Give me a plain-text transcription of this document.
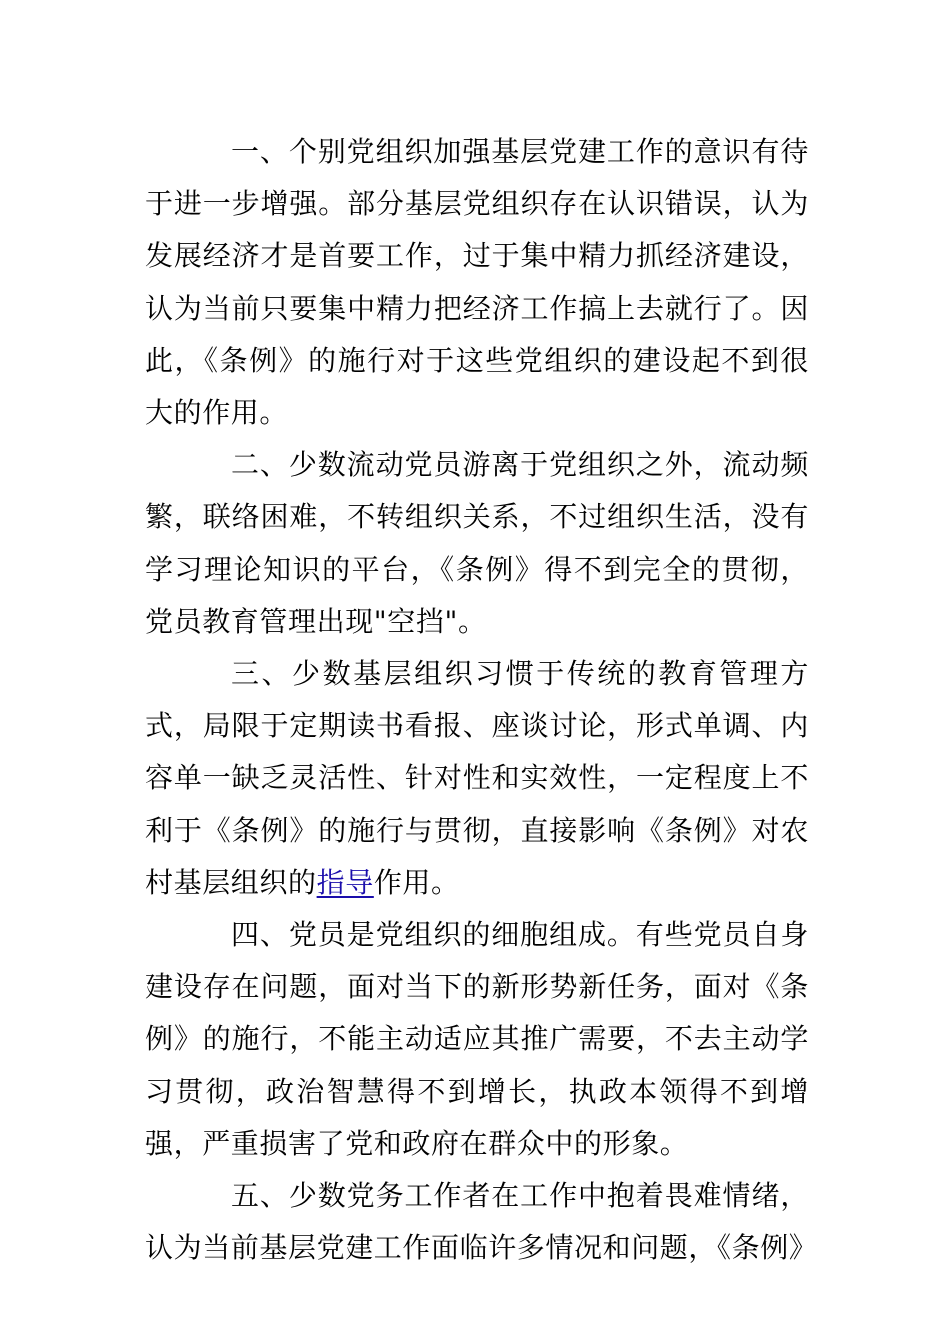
一、个别党组织加强基层党建工作的意识有待于进一步增强。部分基层党组织存在认识错误，认为发展经济才是首要工作，过于集中精力抓经济建设，认为当前只要集中精力把经济工作搞上去就行了。因此，《条例》的施行对于这些党组织的建设起不到很大的作用。

二、少数流动党员游离于党组织之外，流动频繁，联络困难，不转组织关系，不过组织生活，没有学习理论知识的平台，《条例》得不到完全的贯彻，党员教育管理出现"空挡"。

三、少数基层组织习惯于传统的教育管理方式，局限于定期读书看报、座谈讨论，形式单调、内容单一缺乏灵活性、针对性和实效性，一定程度上不利于《条例》的施行与贯彻，直接影响《条例》对农村基层组织的指导作用。

四、党员是党组织的细胞组成。有些党员自身建设存在问题，面对当下的新形势新任务，面对《条例》的施行，不能主动适应其推广需要，不去主动学习贯彻，政治智慧得不到增长，执政本领得不到增强，严重损害了党和政府在群众中的形象。

五、少数党务工作者在工作中抱着畏难情绪，认为当前基层党建工作面临许多情况和问题，《条例》
